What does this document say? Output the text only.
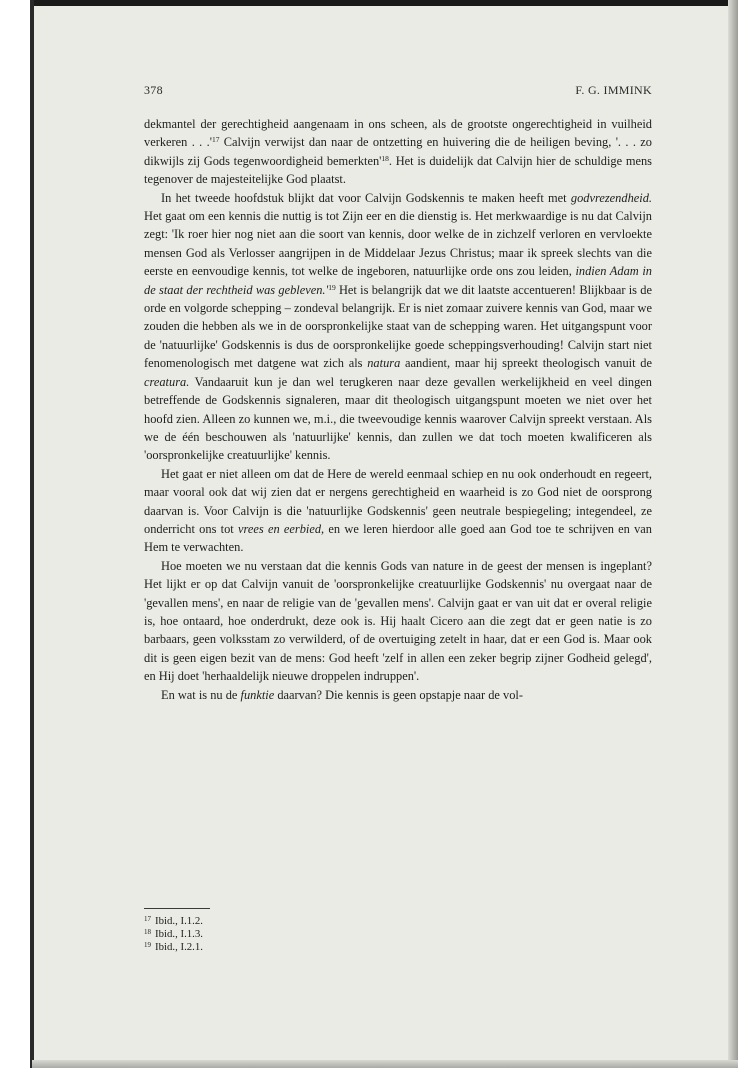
378	F. G. IMMINK

dekmantel der gerechtigheid aangenaam in ons scheen, als de grootste ongerechtigheid in vuilheid verkeren . . $.'^{17}$ Calvijn verwijst dan naar de ontzetting en huivering die de heiligen beving, '. . . zo dikwijls zij Gods tegenwoordigheid $bemerkten'^{18}$. Het is duidelijk dat Calvijn hier de schuldige mens tegenover de majesteitelijke God plaatst.

In het tweede hoofdstuk blijkt dat voor Calvijn Godskennis te maken heeft met godvrezendheid. Het gaat om een kennis die nuttig is tot Zijn eer en die dienstig is. Het merkwaardige is nu dat Calvijn zegt: 'Ik roer hier nog niet aan die soort van kennis, door welke de in zichzelf verloren en vervloekte mensen God als Verlosser aangrijpen in de Middelaar Jezus Christus; maar ik spreek slechts van die eerste en eenvoudige kennis, tot welke de ingeboren, natuurlijke orde ons zou leiden, indien Adam in de staat der rechtheid was $gebleven.'^{19}$ Het is belangrijk dat we dit laatste accentueren! Blijkbaar is de orde en volgorde schepping – zondeval belangrijk. Er is niet zomaar zuivere kennis van God, maar we zouden die hebben als we in de oorspronkelijke staat van de schepping waren. Het uitgangspunt voor de 'natuurlijke' Godskennis is dus de oorspronkelijke goede scheppingsverhouding! Calvijn start niet fenomenologisch met datgene wat zich als natura aandient, maar hij spreekt theologisch vanuit de creatura. Vandaaruit kun je dan wel terugkeren naar deze gevallen werkelijkheid en veel dingen betreffende de Godskennis signaleren, maar dit theologisch uitgangspunt moeten we niet over het hoofd zien. Alleen zo kunnen we, m.i., die tweevoudige kennis waarover Calvijn spreekt verstaan. Als we de één beschouwen als 'natuurlijke' kennis, dan zullen we dat toch moeten kwalificeren als 'oorspronkelijke creatuurlijke' kennis.

Het gaat er niet alleen om dat de Here de wereld eenmaal schiep en nu ook onderhoudt en regeert, maar vooral ook dat wij zien dat er nergens gerechtigheid en waarheid is zo God niet de oorsprong daarvan is. Voor Calvijn is die 'natuurlijke Godskennis' geen neutrale bespiegeling; integendeel, ze onderricht ons tot vrees en eerbied, en we leren hierdoor alle goed aan God toe te schrijven en van Hem te verwachten.

Hoe moeten we nu verstaan dat die kennis Gods van nature in de geest der mensen is ingeplant? Het lijkt er op dat Calvijn vanuit de 'oorspronkelijke creatuurlijke Godskennis' nu overgaat naar de 'gevallen mens', en naar de religie van de 'gevallen mens'. Calvijn gaat er van uit dat er overal religie is, hoe ontaard, hoe onderdrukt, deze ook is. Hij haalt Cicero aan die zegt dat er geen natie is zo barbaars, geen volksstam zo verwilderd, of de overtuiging zetelt in haar, dat er een God is. Maar ook dit is geen eigen bezit van de mens: God heeft 'zelf in allen een zeker begrip zijner Godheid gelegd', en Hij doet 'herhaaldelijk nieuwe droppelen indruppen'.

En wat is nu de funktie daarvan? Die kennis is geen opstapje naar de vol-

$^{17}$ Ibid., I.1.2.
$^{18}$ Ibid., I.1.3.
$^{19}$ Ibid., I.2.1.
